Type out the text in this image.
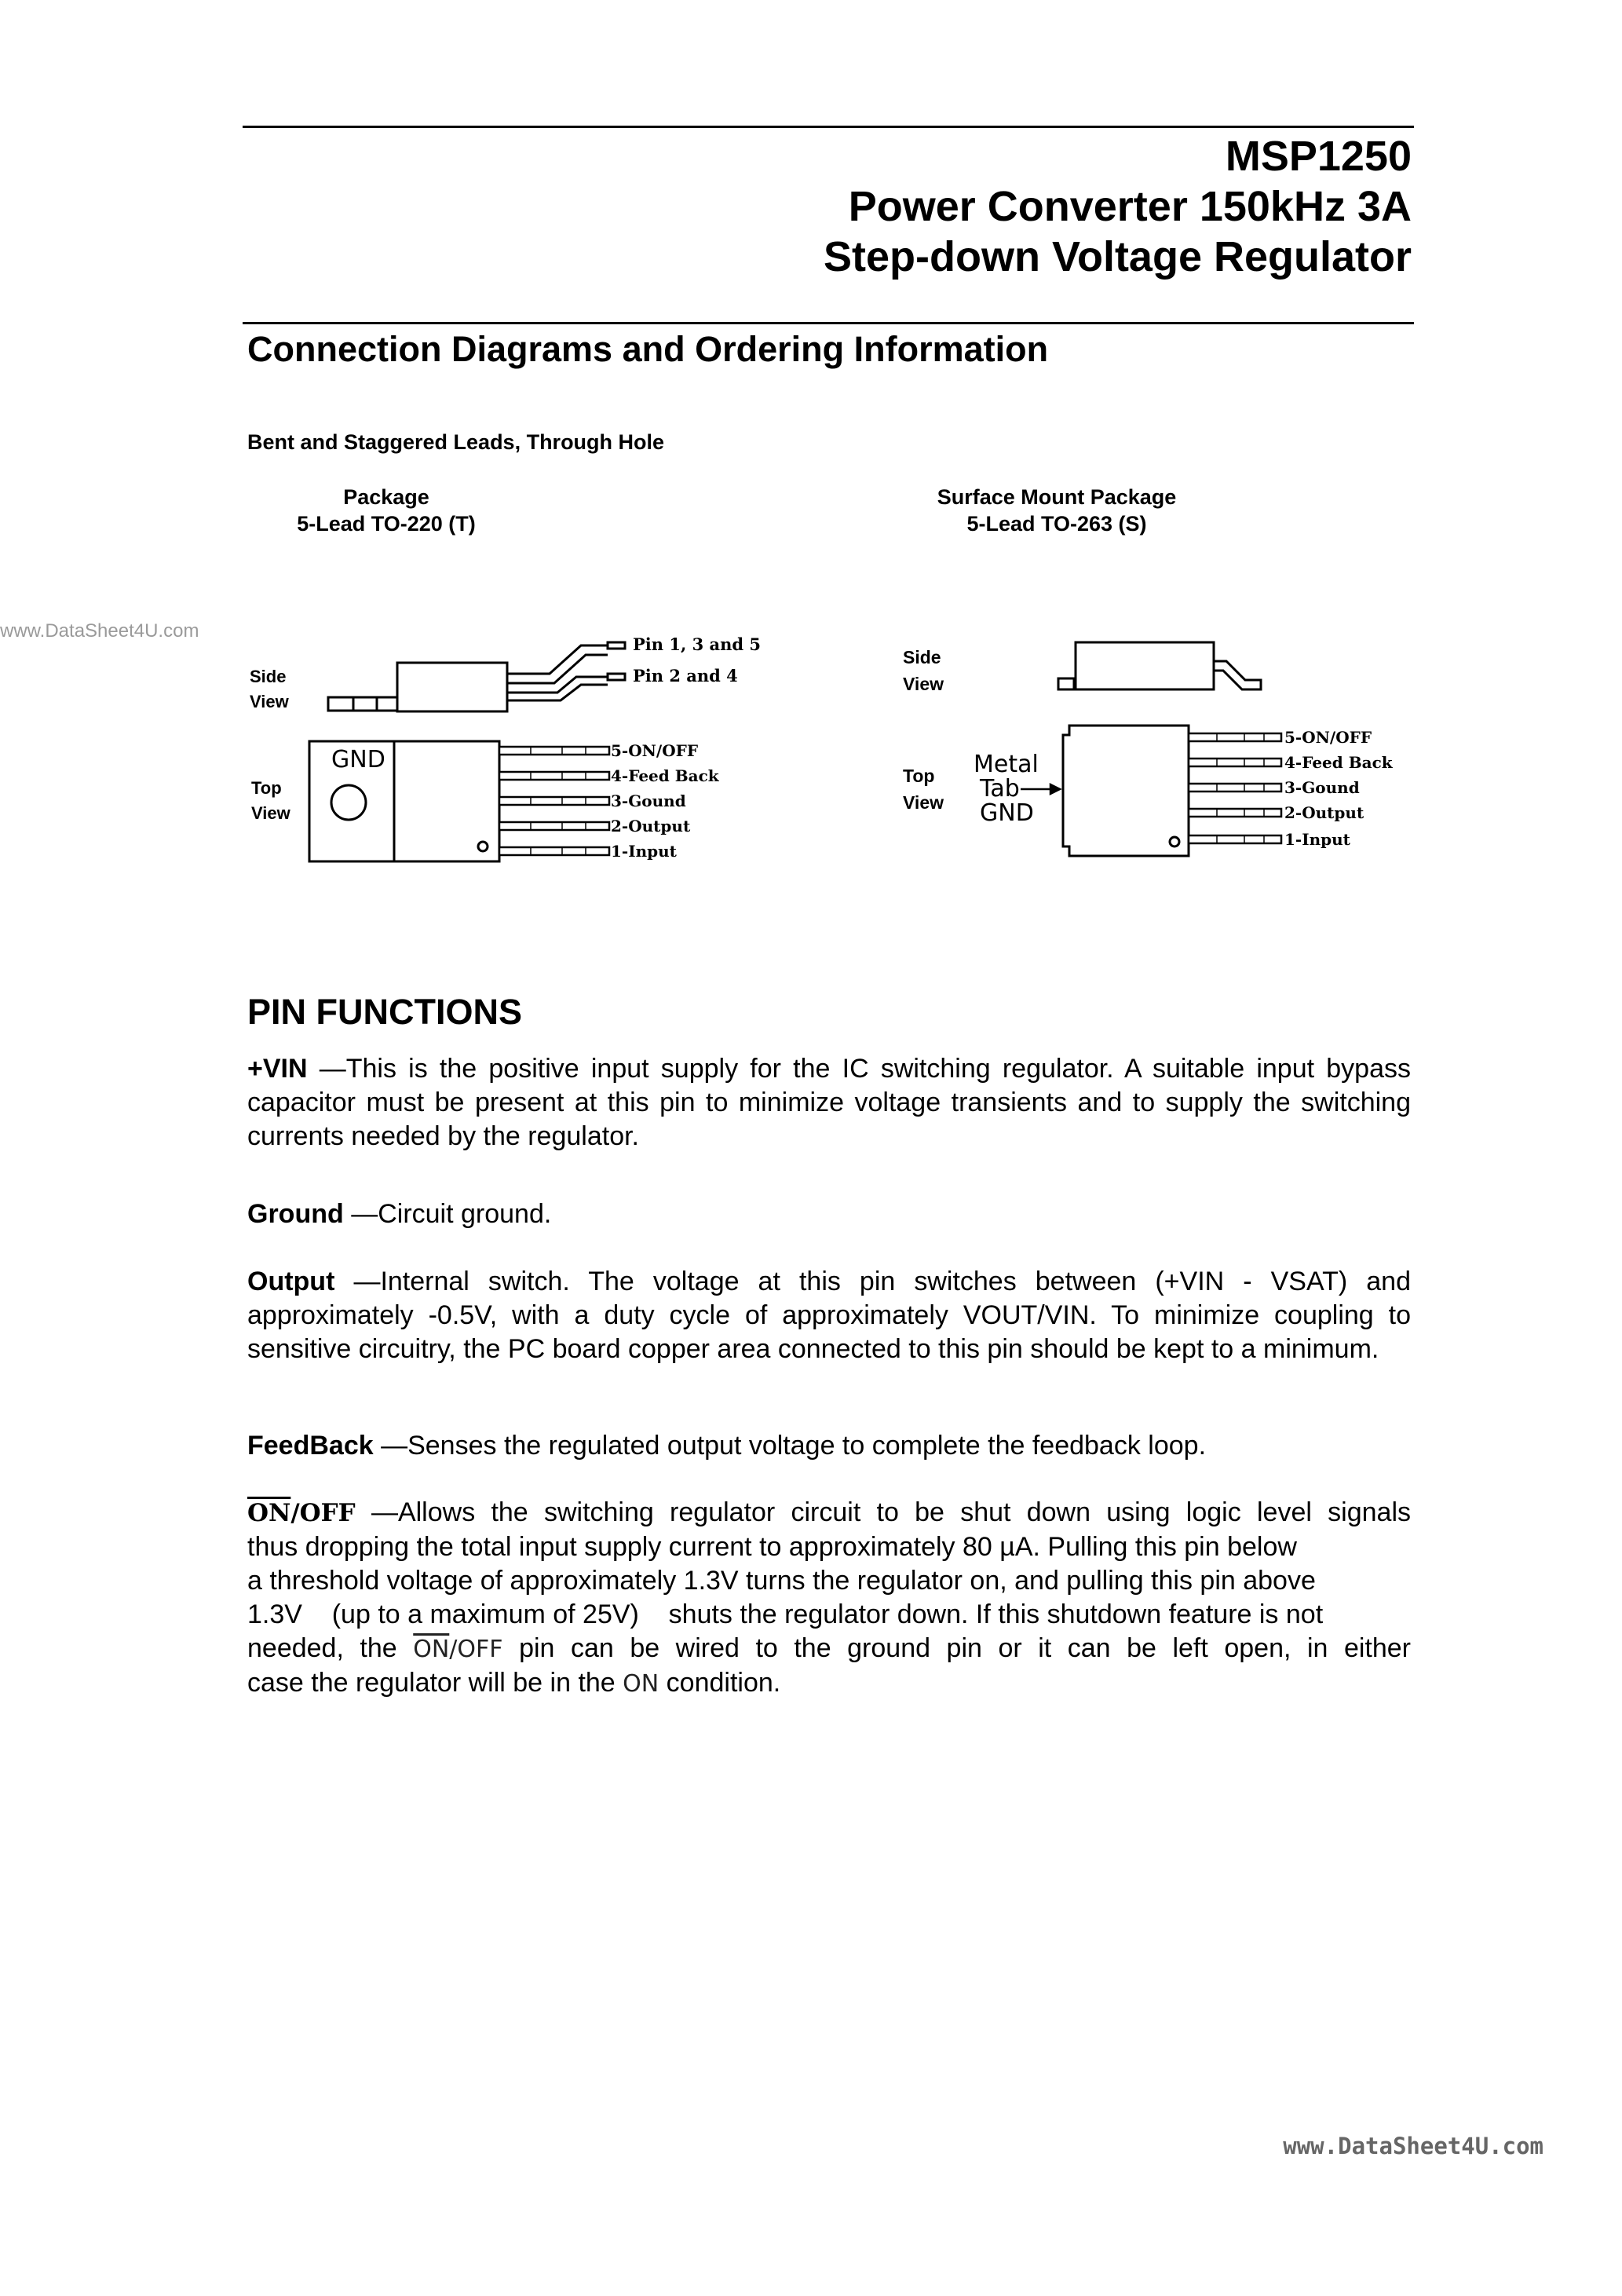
MSP1250
Power Converter 150kHz 3A
Step-down Voltage Regulator
Connection Diagrams and Ordering Information
Bent and Staggered Leads, Through Hole
Package
5-Lead TO-220 (T)
Surface Mount Package
5-Lead TO-263 (S)
www.DataSheet4U.com
Side
View
Pin 1, 3 and 5
Pin 2 and 4
Top
View
GND	5-ON/OFF
4-Feed Back
3-Gound
2-Output
1-Input
Side
View
Top
View
Metal
Tab
GND
5-ON/OFF
4-Feed Back
3-Gound
2-Output
1-Input
PIN FUNCTIONS

+VIN —This is the positive input supply for the IC switching regulator. A suitable input bypass capacitor must be present at this pin to minimize voltage transients and to supply the switching currents needed by the regulator.

Ground —Circuit ground.

Output —Internal switch. The voltage at this pin switches between (+VIN - VSAT) and approximately -0.5V, with a duty cycle of approximately VOUT/VIN. To minimize coupling to sensitive circuitry, the PC board copper area connected to this pin should be kept to a minimum.

FeedBack —Senses the regulated output voltage to complete the feedback loop.

$\overline{ON}$/OFF —Allows the switching regulator circuit to be shut down using logic level signals
thus dropping the total input supply current to approximately 80 µA. Pulling this pin below
a threshold voltage of approximately 1.3V turns the regulator on, and pulling this pin above
1.3V    (up to a maximum of 25V)    shuts the regulator down. If this shutdown feature is not
needed, the $\overline{ON}$/OFF pin can be wired to the ground pin or it can be left open, in either
case the regulator will be in the ON condition.
www.DataSheet4U.com
